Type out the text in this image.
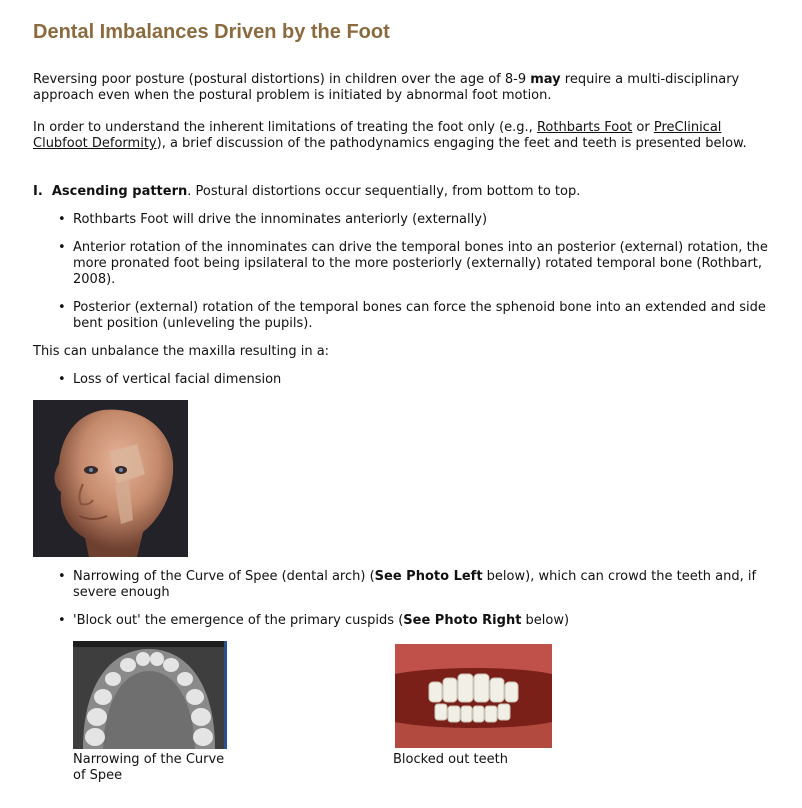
Dental Imbalances Driven by the Foot

Reversing poor posture (postural distortions) in children over the age of 8-9 may require a multi-disciplinary approach even when the postural problem is initiated by abnormal foot motion.

In order to understand the inherent limitations of treating the foot only (e.g., Rothbarts Foot or PreClinical Clubfoot Deformity), a brief discussion of the pathodynamics engaging the feet and teeth is presented below.

I. Ascending pattern. Postural distortions occur sequentially, from bottom to top.

• Rothbarts Foot will drive the innominates anteriorly (externally)
• Anterior rotation of the innominates can drive the temporal bones into an posterior (external) rotation, the more pronated foot being ipsilateral to the more posteriorly (externally) rotated temporal bone (Rothbart, 2008).
• Posterior (external) rotation of the temporal bones can force the sphenoid bone into an extended and side bent position (unleveling the pupils).

This can unbalance the maxilla resulting in a:

• Loss of vertical facial dimension
• Narrowing of the Curve of Spee (dental arch) (See Photo Left below), which can crowd the teeth and, if severe enough
• 'Block out' the emergence of the primary cuspids (See Photo Right below)
Narrowing of the Curve of Spee
Blocked out teeth
